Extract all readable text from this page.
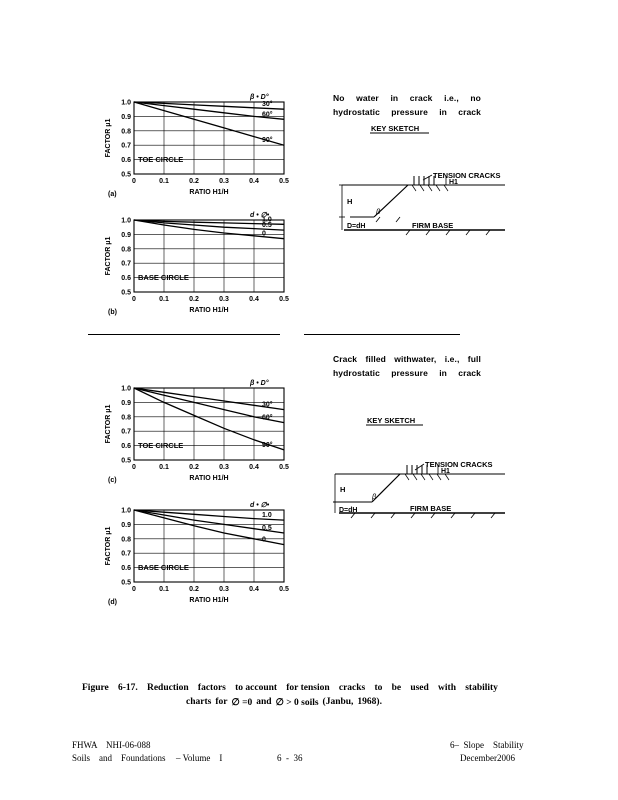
0	0.1	0.2	0.3	0.4	0.5
1.0
0.9
0.8
0.7
0.6
0.5
30°
60°
90°
β • D°
TOE CIRCLE
RATIO H1/H
FACTOR μ1
(a)
0	0.1	0.2	0.3	0.4	0.5
1.0
0.9
0.8
0.7
0.6
0.5
1.0
0.5
0
d • ∅•
BASE CIRCLE
RATIO H1/H
FACTOR μ1
(b)
0	0.1	0.2	0.3	0.4	0.5
1.0
0.9
0.8
0.7
0.6
0.5
30°
60°
90°
β • D°
TOE CIRCLE
RATIO H1/H
FACTOR μ1
(c)
0	0.1	0.2	0.3	0.4	0.5
1.0
0.9
0.8
0.7
0.6
0.5
1.0
0.5
0
d • ∅•
BASE CIRCLE
RATIO H1/H
FACTOR μ1
(d)
No water in crack i.e., no
hydrostatic pressure in crack
KEY SKETCH
TENSION CRACKS
H1
H
β
D=dH	FIRM BASE
Crack filled withwater, i.e., full
hydrostatic pressure in crack
KEY SKETCH
TENSION CRACKS
H1
H
β
D=dH	FIRM BASE
Figure 6-17. Reduction factors to account for tension cracks to be used with stability
charts for ∅ =0 and ∅ > 0 soils (Janbu, 1968).
FHWA    NHI-06-088
Soils    and    Foundations – Volume    I	6  -  36
6–  Slope    Stability
December2006
